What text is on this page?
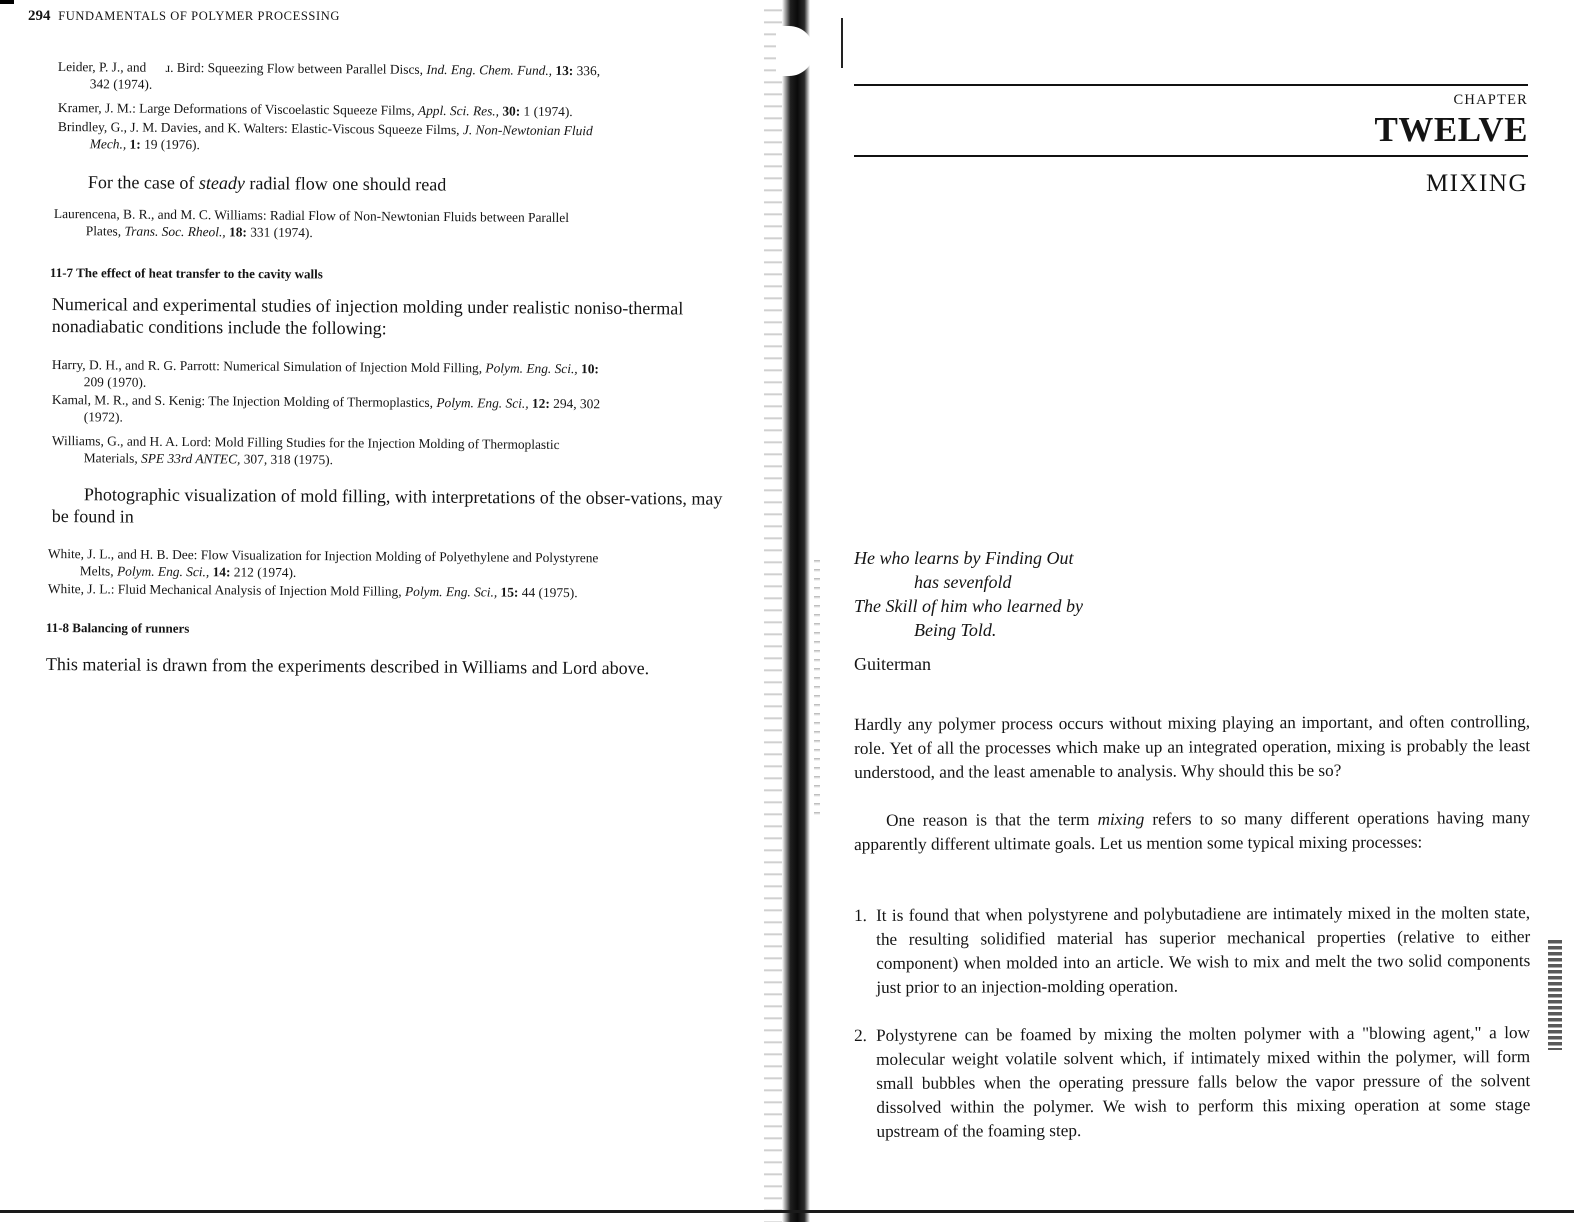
294 FUNDAMENTALS OF POLYMER PROCESSING
Leider, P. J., and ɹ. Bird: Squeezing Flow between Parallel Discs, Ind. Eng. Chem. Fund., 13: 336,
342 (1974).
Kramer, J. M.: Large Deformations of Viscoelastic Squeeze Films, Appl. Sci. Res., 30: 1 (1974).
Brindley, G., J. M. Davies, and K. Walters: Elastic-Viscous Squeeze Films, J. Non-Newtonian Fluid
Mech., 1: 19 (1976).
For the case of steady radial flow one should read
Laurencena, B. R., and M. C. Williams: Radial Flow of Non-Newtonian Fluids between Parallel
Plates, Trans. Soc. Rheol., 18: 331 (1974).
11-7 The effect of heat transfer to the cavity walls
Numerical and experimental studies of injection molding under realistic noniso-thermal nonadiabatic conditions include the following:
Harry, D. H., and R. G. Parrott: Numerical Simulation of Injection Mold Filling, Polym. Eng. Sci., 10:
209 (1970).
Kamal, M. R., and S. Kenig: The Injection Molding of Thermoplastics, Polym. Eng. Sci., 12: 294, 302
(1972).
Williams, G., and H. A. Lord: Mold Filling Studies for the Injection Molding of Thermoplastic
Materials, SPE 33rd ANTEC, 307, 318 (1975).
Photographic visualization of mold filling, with interpretations of the obser-vations, may be found in
White, J. L., and H. B. Dee: Flow Visualization for Injection Molding of Polyethylene and Polystyrene
Melts, Polym. Eng. Sci., 14: 212 (1974).
White, J. L.: Fluid Mechanical Analysis of Injection Mold Filling, Polym. Eng. Sci., 15: 44 (1975).
11-8 Balancing of runners
This material is drawn from the experiments described in Williams and Lord above.
CHAPTER
TWELVE
MIXING
He who learns by Finding Out
has sevenfold
The Skill of him who learned by
Being Told.
Guiterman
Hardly any polymer process occurs without mixing playing an important, and often controlling, role. Yet of all the processes which make up an integrated operation, mixing is probably the least understood, and the least amenable to analysis. Why should this be so?
One reason is that the term mixing refers to so many different operations having many apparently different ultimate goals. Let us mention some typical mixing processes:
1. It is found that when polystyrene and polybutadiene are intimately mixed in the molten state, the resulting solidified material has superior mechanical properties (relative to either component) when molded into an article. We wish to mix and melt the two solid components just prior to an injection-molding operation.
2. Polystyrene can be foamed by mixing the molten polymer with a "blowing agent," a low molecular weight volatile solvent which, if intimately mixed within the polymer, will form small bubbles when the operating pressure falls below the vapor pressure of the solvent dissolved within the polymer. We wish to perform this mixing operation at some stage upstream of the foaming step.
